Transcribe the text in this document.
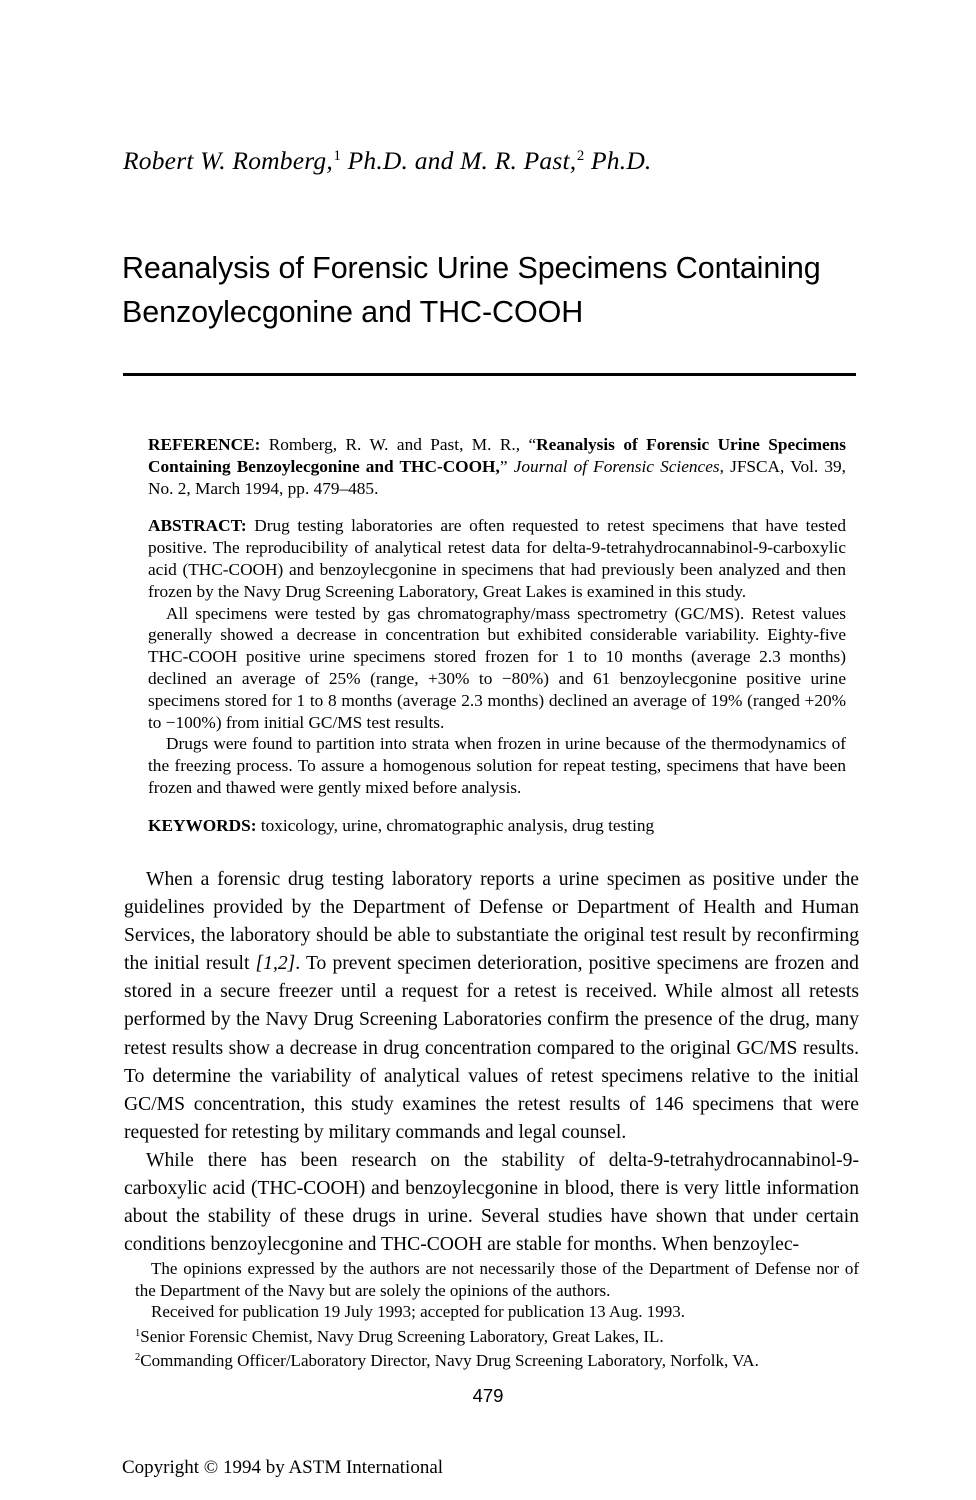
Robert W. Romberg,$^1$ Ph.D. and M. R. Past,$^2$ Ph.D.
Reanalysis of Forensic Urine Specimens Containing Benzoylecgonine and THC-COOH

REFERENCE: Romberg, R. W. and Past, M. R., “Reanalysis of Forensic Urine Specimens Containing Benzoylecgonine and THC-COOH,” Journal of Forensic Sciences, JFSCA, Vol. 39, No. 2, March 1994, pp. 479–485.

ABSTRACT: Drug testing laboratories are often requested to retest specimens that have tested positive. The reproducibility of analytical retest data for delta-9-tetrahydrocannabinol-9-carboxylic acid (THC-COOH) and benzoylecgonine in specimens that had previously been analyzed and then frozen by the Navy Drug Screening Laboratory, Great Lakes is examined in this study.

All specimens were tested by gas chromatography/mass spectrometry (GC/MS). Retest values generally showed a decrease in concentration but exhibited considerable variability. Eighty-five THC-COOH positive urine specimens stored frozen for 1 to 10 months (average 2.3 months) declined an average of 25% (range, +30% to −80%) and 61 benzoylecgonine positive urine specimens stored for 1 to 8 months (average 2.3 months) declined an average of 19% (ranged +20% to −100%) from initial GC/MS test results.

Drugs were found to partition into strata when frozen in urine because of the thermodynamics of the freezing process. To assure a homogenous solution for repeat testing, specimens that have been frozen and thawed were gently mixed before analysis.

KEYWORDS: toxicology, urine, chromatographic analysis, drug testing

When a forensic drug testing laboratory reports a urine specimen as positive under the guidelines provided by the Department of Defense or Department of Health and Human Services, the laboratory should be able to substantiate the original test result by reconfirming the initial result [1,2]. To prevent specimen deterioration, positive specimens are frozen and stored in a secure freezer until a request for a retest is received. While almost all retests performed by the Navy Drug Screening Laboratories confirm the presence of the drug, many retest results show a decrease in drug concentration compared to the original GC/MS results. To determine the variability of analytical values of retest specimens relative to the initial GC/MS concentration, this study examines the retest results of 146 specimens that were requested for retesting by military commands and legal counsel.

While there has been research on the stability of delta-9-tetrahydrocannabinol-9-carboxylic acid (THC-COOH) and benzoylecgonine in blood, there is very little information about the stability of these drugs in urine. Several studies have shown that under certain conditions benzoylecgonine and THC-COOH are stable for months. When benzoylec-

The opinions expressed by the authors are not necessarily those of the Department of Defense nor of the Department of the Navy but are solely the opinions of the authors.

Received for publication 19 July 1993; accepted for publication 13 Aug. 1993.

$^1$Senior Forensic Chemist, Navy Drug Screening Laboratory, Great Lakes, IL.

$^2$Commanding Officer/Laboratory Director, Navy Drug Screening Laboratory, Norfolk, VA.

479
Copyright © 1994 by ASTM International
